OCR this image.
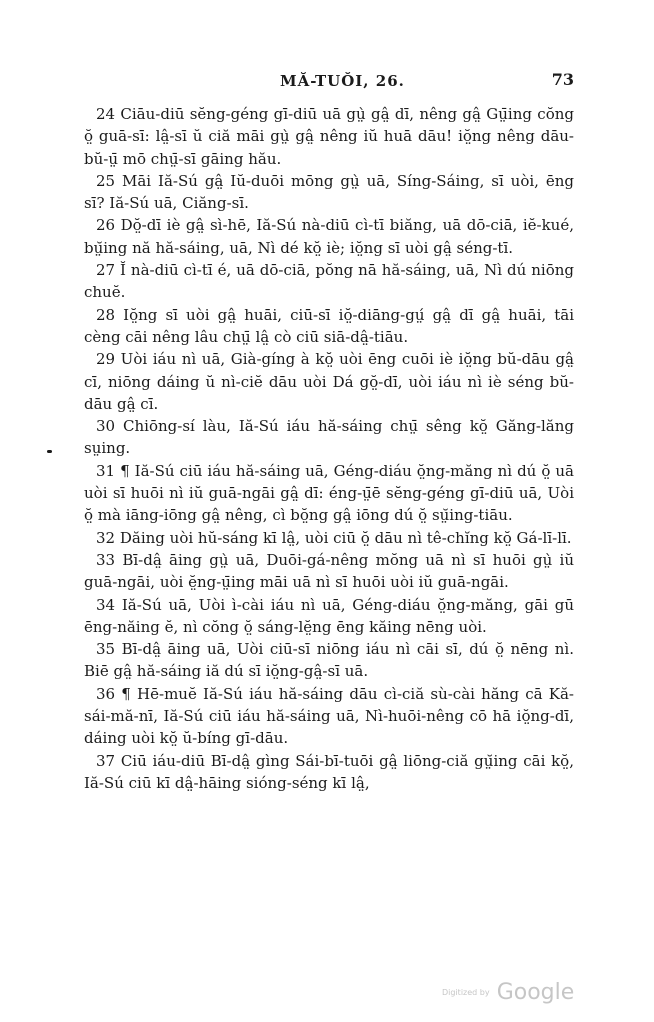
MĂ-TUŎI, 26.	73

24 Ciāu-diū sĕng-géng gī-diū uā gṳ̀ gâ̤ dī, nêng gâ̤ Gṳ̄ing cŏng ŏ̤ guā-sī: lâ̤-sī ŭ ciă māi gṳ̀ gâ̤ nêng iŭ huā dāu! iŏ̤ng nêng dāu-bŭ-ṳ̄ mō chṳ̄-sī gāing hău.

25 Māi Iă-Sú gâ̤ Iŭ-duōi mōng gṳ̀ uā, Síng-Sáing, sī uòi, ēng sī? Iă-Sú uā, Ciăng-sī.

26 Dŏ̤-dī iè gâ̤ sì-hē, Iă-Sú nà-diū cì-tī biăng, uā dō-ciā, iĕ-kué, bṳ̆ing nă hă-sáing, uā, Nì dé kŏ̤ iè; iŏ̤ng sī uòi gâ̤ séng-tī.

27 Ĭ nà-diū cì-tī é, uā dō-ciā, pŏng nā hă-sáing, uā, Nì dú niōng chuĕ.

28 Iŏ̤ng sī uòi gâ̤ huāi, ciū-sī iŏ̤-diāng-gṳ́ gâ̤ dī gâ̤ huāi, tāi cèng cāi nêng lâu chṳ̄ lâ̤ cò ciū siā-dâ̤-tiāu.

29 Uòi iáu nì uā, Già-gíng à kŏ̤ uòi ēng cuōi iè iŏ̤ng bŭ-dāu gâ̤ cī, niōng dáing ŭ nì-ciĕ dāu uòi Dá gŏ̤-dī, uòi iáu nì iè séng bŭ-dāu gâ̤ cī.

30 Chiōng-sí làu, Iă-Sú iáu hă-sáing chṳ̄ sêng kŏ̤ Găng-lăng sṳing.

31 ¶ Iă-Sú ciū iáu hă-sáing uā, Géng-diáu ŏ̤ng-măng nì dú ŏ̤ uā uòi sī huōi nì iŭ guā-ngāi gâ̤ dī: éng-ṳ̄ē sĕng-géng gī-diū uā, Uòi ŏ̤ mà iāng-iōng gâ̤ nêng, cì bŏ̤ng gâ̤ iōng dú ŏ̤ sṳ̆ing-tiāu.

32 Dăing uòi hŭ-sáng kī lâ̤, uòi ciū ŏ̤ dāu nì tê-chĭng kŏ̤ Gá-lī-lī.

33 Bī-dâ̤ āing gṳ̀ uā, Duōi-gá-nêng mŏng uā nì sī huōi gṳ̀ iŭ guā-ngāi, uòi ĕ̤ng-ṳ̄ing māi uā nì sī huōi uòi iŭ guā-ngāi.

34 Iă-Sú uā, Uòi ì-cài iáu nì uā, Géng-diáu ŏ̤ng-măng, gāi gū ēng-năing ĕ, nì cŏng ŏ̤ sáng-lĕ̤ng ēng kăing nēng uòi.

35 Bī-dâ̤ āing uā, Uòi ciū-sī niōng iáu nì cāi sī, dú ŏ̤ nēng nì. Biē gâ̤ hă-sáing iă dú sī iŏ̤ng-gâ̤-sī uā.

36 ¶ Hē-muĕ Iă-Sú iáu hă-sáing dāu cì-ciă sù-cài hăng cā Kă-sái-mă-nī, Iă-Sú ciū iáu hă-sáing uā, Nì-huōi-nêng cō hā iŏ̤ng-dī, dáing uòi kŏ̤ ŭ-bíng gī-dāu.

37 Ciū iáu-diū Bī-dâ̤ gìng Sái-bī-tuōi gâ̤ liōng-ciă gṳ̆ing cāi kŏ̤, Iă-Sú ciū kī dâ̤-hāing sióng-séng kī lâ̤,

Digitized by Google
